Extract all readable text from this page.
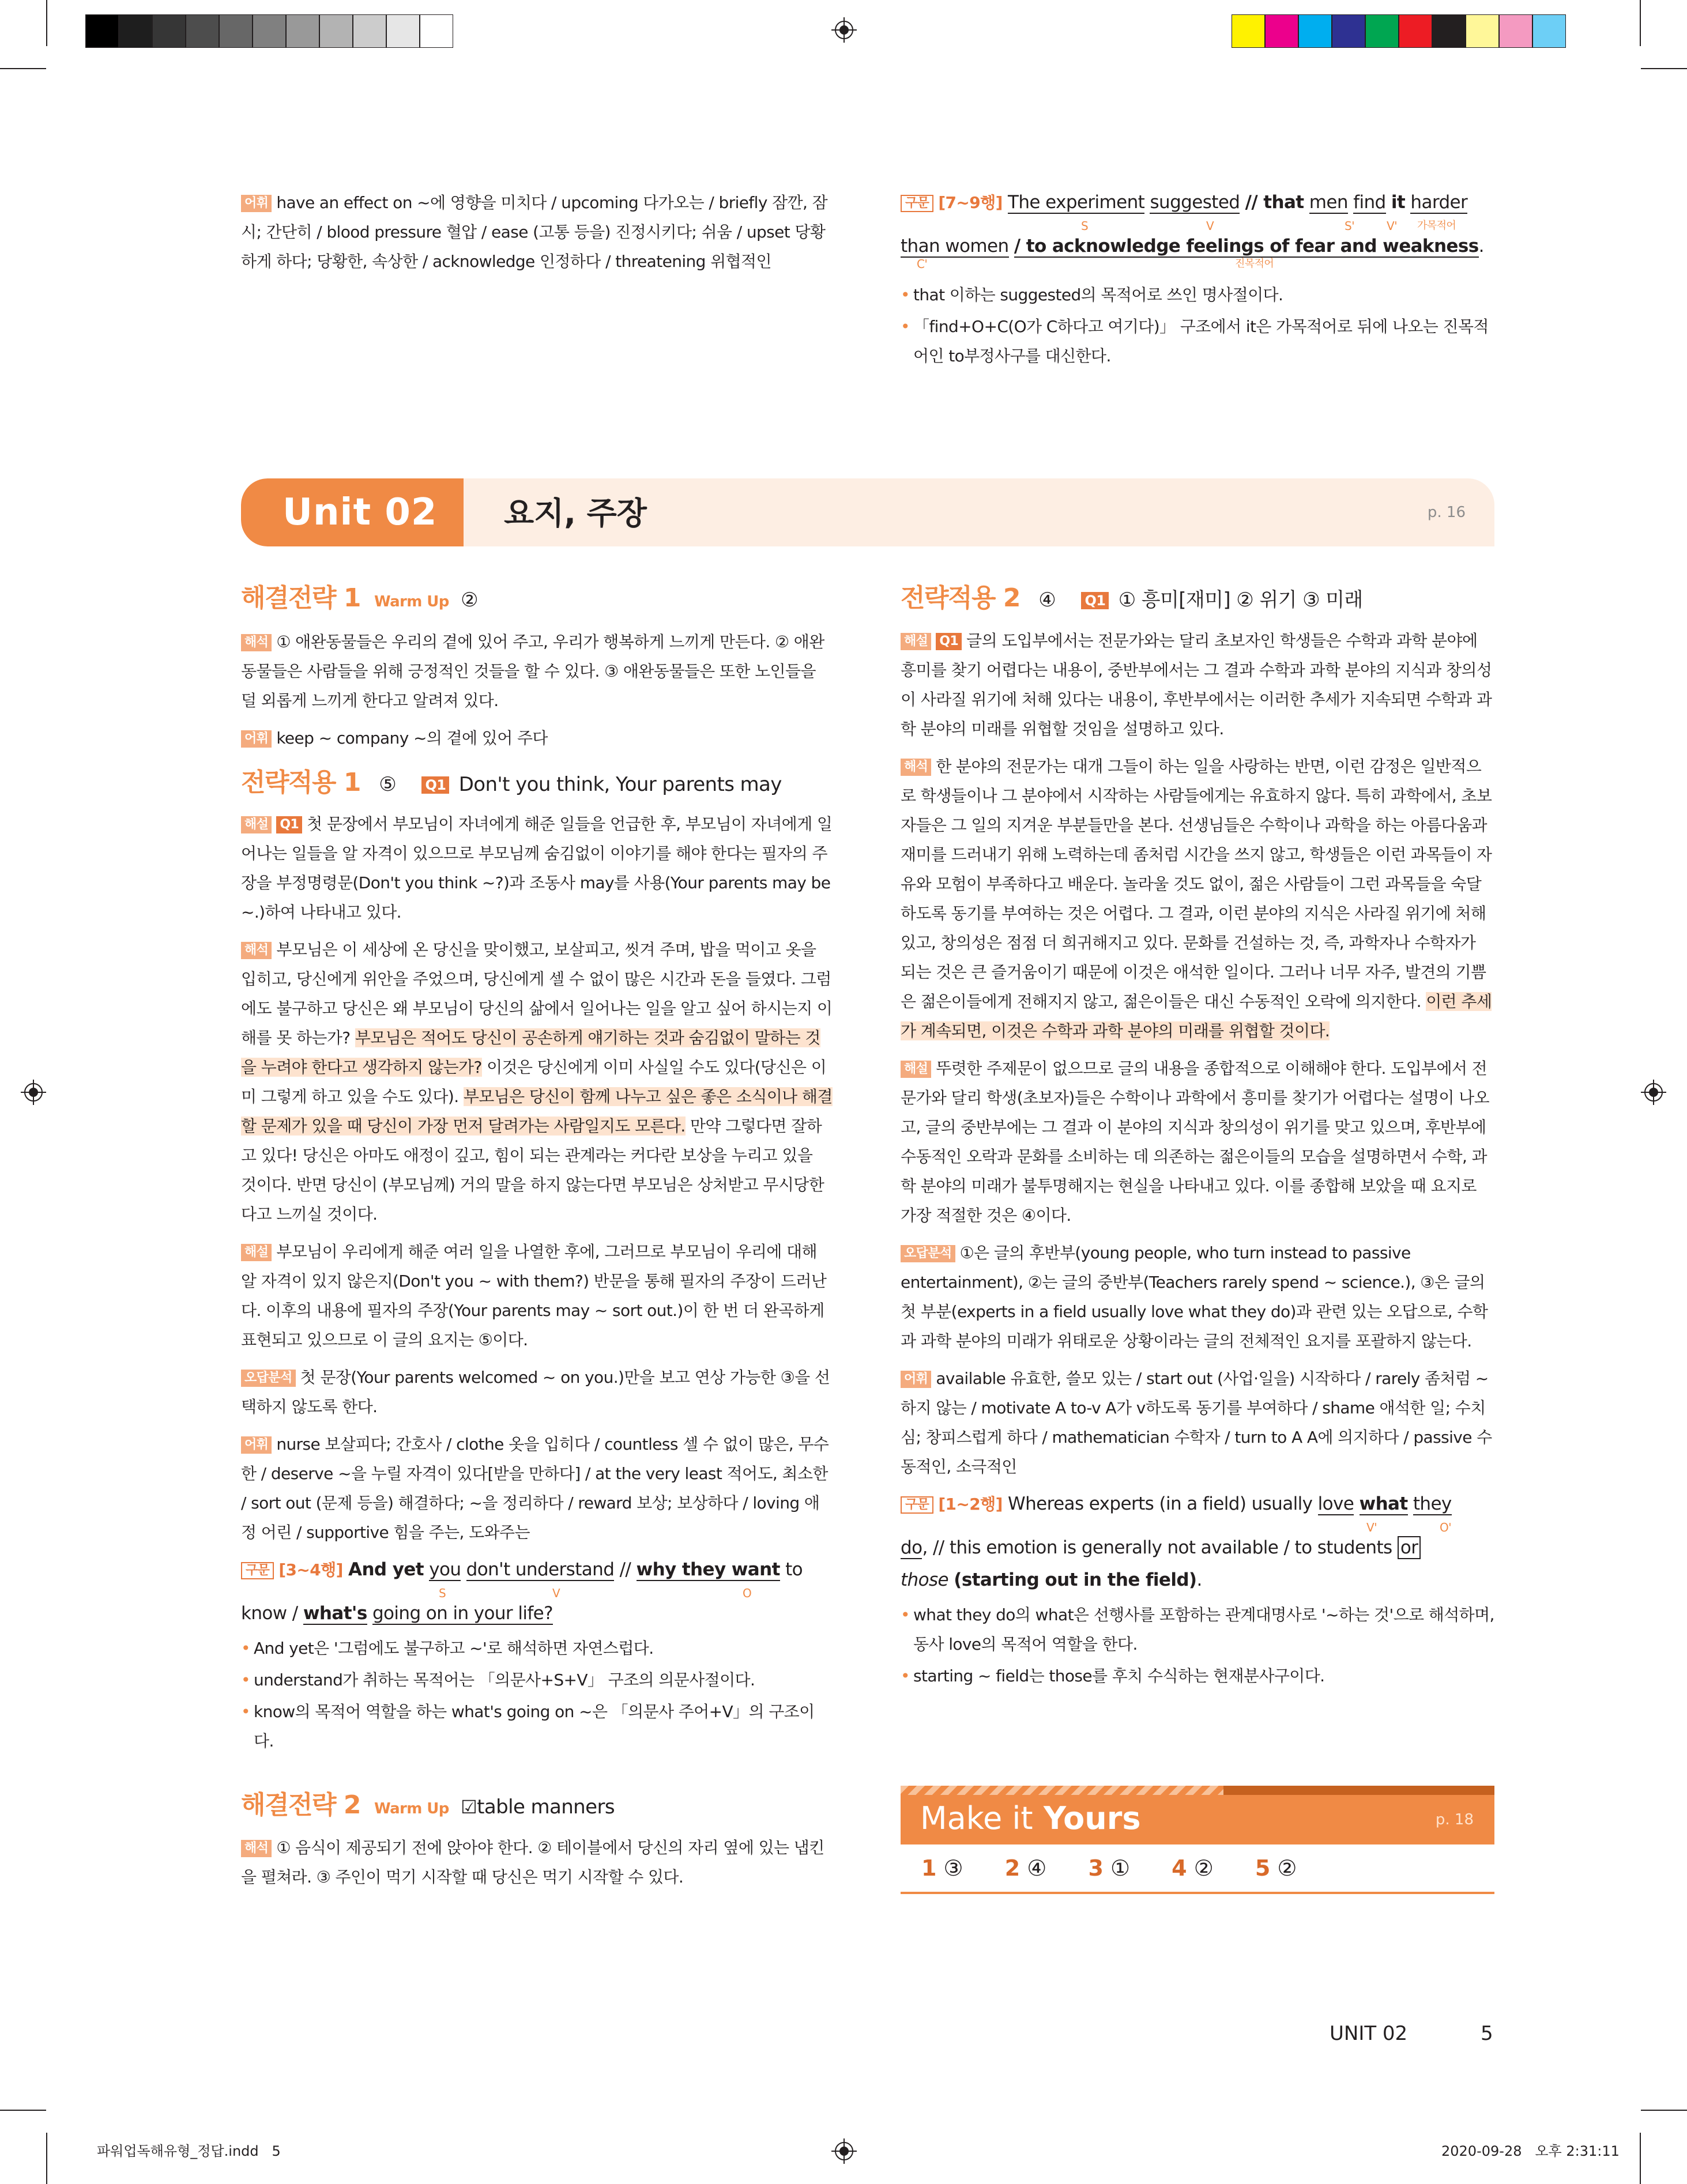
어휘 have an effect on ~에 영향을 미치다 / upcoming 다가오는 / briefly 잠깐, 잠시; 간단히 / blood pressure 혈압 / ease (고통 등을) 진정시키다; 쉬움 / upset 당황하게 하다; 당황한, 속상한 / acknowledge 인정하다 / threatening 위협적인

구문 [7~9행] The experiment suggested // that men find it harder
S	V	S'	V' 가목적어
than women / to acknowledge feelings of fear and weakness.
C'	진목적어
• that 이하는 suggested의 목적어로 쓰인 명사절이다.
• 「find+O+C(O가 C하다고 여기다)」 구조에서 it은 가목적어로 뒤에 나오는 진목적어인 to부정사구를 대신한다.
Unit 02 요지, 주장	p. 16
해결전략 1 Warm Up ②

해석 ① 애완동물들은 우리의 곁에 있어 주고, 우리가 행복하게 느끼게 만든다. ② 애완동물들은 사람들을 위해 긍정적인 것들을 할 수 있다. ③ 애완동물들은 또한 노인들을 덜 외롭게 느끼게 한다고 알려져 있다.

어휘 keep ~ company ~의 곁에 있어 주다

전략적용 1 ⑤ Q1 Don't you think, Your parents may

해설 Q1 첫 문장에서 부모님이 자녀에게 해준 일들을 언급한 후, 부모님이 자녀에게 일어나는 일들을 알 자격이 있으므로 부모님께 숨김없이 이야기를 해야 한다는 필자의 주장을 부정명령문(Don't you think ~?)과 조동사 may를 사용(Your parents may be ~.)하여 나타내고 있다.

해석 부모님은 이 세상에 온 당신을 맞이했고, 보살피고, 씻겨 주며, 밥을 먹이고 옷을 입히고, 당신에게 위안을 주었으며, 당신에게 셀 수 없이 많은 시간과 돈을 들였다. 그럼에도 불구하고 당신은 왜 부모님이 당신의 삶에서 일어나는 일을 알고 싶어 하시는지 이해를 못 하는가? 부모님은 적어도 당신이 공손하게 얘기하는 것과 숨김없이 말하는 것을 누려야 한다고 생각하지 않는가? 이것은 당신에게 이미 사실일 수도 있다(당신은 이미 그렇게 하고 있을 수도 있다). 부모님은 당신이 함께 나누고 싶은 좋은 소식이나 해결할 문제가 있을 때 당신이 가장 먼저 달려가는 사람일지도 모른다. 만약 그렇다면 잘하고 있다! 당신은 아마도 애정이 깊고, 힘이 되는 관계라는 커다란 보상을 누리고 있을 것이다. 반면 당신이 (부모님께) 거의 말을 하지 않는다면 부모님은 상처받고 무시당한다고 느끼실 것이다.

해설 부모님이 우리에게 해준 여러 일을 나열한 후에, 그러므로 부모님이 우리에 대해 알 자격이 있지 않은지(Don't you ~ with them?) 반문을 통해 필자의 주장이 드러난다. 이후의 내용에 필자의 주장(Your parents may ~ sort out.)이 한 번 더 완곡하게 표현되고 있으므로 이 글의 요지는 ⑤이다.

오답분석 첫 문장(Your parents welcomed ~ on you.)만을 보고 연상 가능한 ③을 선택하지 않도록 한다.

어휘 nurse 보살피다; 간호사 / clothe 옷을 입히다 / countless 셀 수 없이 많은, 무수한 / deserve ~을 누릴 자격이 있다[받을 만하다] / at the very least 적어도, 최소한 / sort out (문제 등을) 해결하다; ~을 정리하다 / reward 보상; 보상하다 / loving 애정 어린 / supportive 힘을 주는, 도와주는

구문 [3~4행] And yet you don't understand // why they want to
S	V	O
know / what's going on in your life?
• And yet은 '그럼에도 불구하고 ~'로 해석하면 자연스럽다.
• understand가 취하는 목적어는 「의문사+S+V」 구조의 의문사절이다.
• know의 목적어 역할을 하는 what's going on ~은 「의문사 주어+V」의 구조이다.
해결전략 2 Warm Up ☑table manners

해석 ① 음식이 제공되기 전에 앉아야 한다. ② 테이블에서 당신의 자리 옆에 있는 냅킨을 펼쳐라. ③ 주인이 먹기 시작할 때 당신은 먹기 시작할 수 있다.

전략적용 2 ④ Q1 ① 흥미[재미] ② 위기 ③ 미래

해설 Q1 글의 도입부에서는 전문가와는 달리 초보자인 학생들은 수학과 과학 분야에 흥미를 찾기 어렵다는 내용이, 중반부에서는 그 결과 수학과 과학 분야의 지식과 창의성이 사라질 위기에 처해 있다는 내용이, 후반부에서는 이러한 추세가 지속되면 수학과 과학 분야의 미래를 위협할 것임을 설명하고 있다.

해석 한 분야의 전문가는 대개 그들이 하는 일을 사랑하는 반면, 이런 감정은 일반적으로 학생들이나 그 분야에서 시작하는 사람들에게는 유효하지 않다. 특히 과학에서, 초보자들은 그 일의 지겨운 부분들만을 본다. 선생님들은 수학이나 과학을 하는 아름다움과 재미를 드러내기 위해 노력하는데 좀처럼 시간을 쓰지 않고, 학생들은 이런 과목들이 자유와 모험이 부족하다고 배운다. 놀라울 것도 없이, 젊은 사람들이 그런 과목들을 숙달하도록 동기를 부여하는 것은 어렵다. 그 결과, 이런 분야의 지식은 사라질 위기에 처해 있고, 창의성은 점점 더 희귀해지고 있다. 문화를 건설하는 것, 즉, 과학자나 수학자가 되는 것은 큰 즐거움이기 때문에 이것은 애석한 일이다. 그러나 너무 자주, 발견의 기쁨은 젊은이들에게 전해지지 않고, 젊은이들은 대신 수동적인 오락에 의지한다. 이런 추세가 계속되면, 이것은 수학과 과학 분야의 미래를 위협할 것이다.

해설 뚜렷한 주제문이 없으므로 글의 내용을 종합적으로 이해해야 한다. 도입부에서 전문가와 달리 학생(초보자)들은 수학이나 과학에서 흥미를 찾기가 어렵다는 설명이 나오고, 글의 중반부에는 그 결과 이 분야의 지식과 창의성이 위기를 맞고 있으며, 후반부에 수동적인 오락과 문화를 소비하는 데 의존하는 젊은이들의 모습을 설명하면서 수학, 과학 분야의 미래가 불투명해지는 현실을 나타내고 있다. 이를 종합해 보았을 때 요지로 가장 적절한 것은 ④이다.

오답분석 ①은 글의 후반부(young people, who turn instead to passive entertainment), ②는 글의 중반부(Teachers rarely spend ~ science.), ③은 글의 첫 부분(experts in a field usually love what they do)과 관련 있는 오답으로, 수학과 과학 분야의 미래가 위태로운 상황이라는 글의 전체적인 요지를 포괄하지 않는다.

어휘 available 유효한, 쓸모 있는 / start out (사업·일을) 시작하다 / rarely 좀처럼 ~하지 않는 / motivate A to-v A가 v하도록 동기를 부여하다 / shame 애석한 일; 수치심; 창피스럽게 하다 / mathematician 수학자 / turn to A A에 의지하다 / passive 수동적인, 소극적인

구문 [1~2행] Whereas experts (in a field) usually love what they
V'	O'
do, // this emotion is generally not available / to students or
those (starting out in the field).
• what they do의 what은 선행사를 포함하는 관계대명사로 '~하는 것'으로 해석하며, 동사 love의 목적어 역할을 한다.
• starting ~ field는 those를 후치 수식하는 현재분사구이다.
Make it Yours	p. 18
1 ③ 2 ④ 3 ① 4 ② 5 ②
UNIT 02	5
파워업독해유형_정답.indd   5	2020-09-28   오후 2:31:11
